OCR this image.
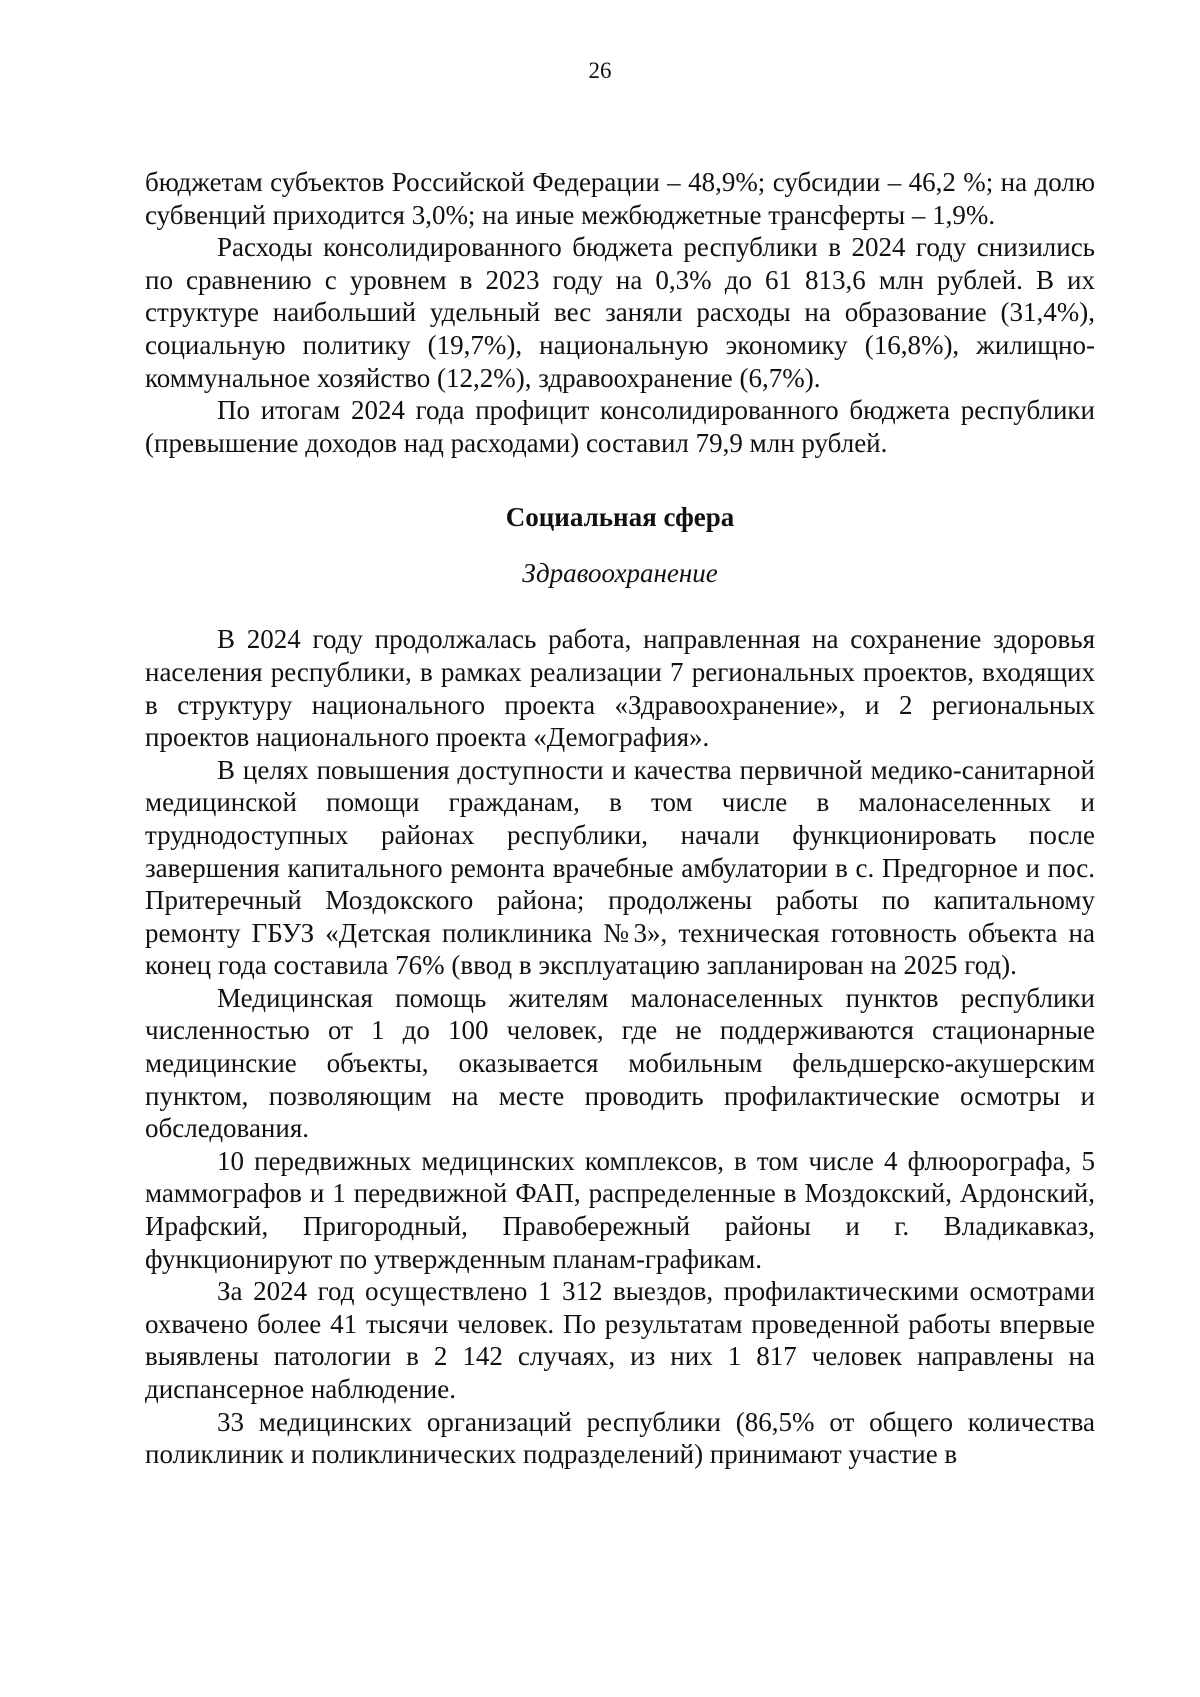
26

бюджетам субъектов Российской Федерации – 48,9%; субсидии – 46,2 %; на долю субвенций приходится 3,0%; на иные межбюджетные трансферты – 1,9%.

Расходы консолидированного бюджета республики в 2024 году снизились по сравнению с уровнем в 2023 году на 0,3% до 61 813,6 млн рублей. В их структуре наибольший удельный вес заняли расходы на образование (31,4%), социальную политику (19,7%), национальную экономику (16,8%), жилищно-коммунальное хозяйство (12,2%), здравоохранение (6,7%).

По итогам 2024 года профицит консолидированного бюджета республики (превышение доходов над расходами) составил 79,9 млн рублей.

Социальная сфера
Здравоохранение

В 2024 году продолжалась работа, направленная на сохранение здоровья населения республики, в рамках реализации 7 региональных проектов, входящих в структуру национального проекта «Здравоохранение», и 2 региональных проектов национального проекта «Демография».

В целях повышения доступности и качества первичной медико-санитарной медицинской помощи гражданам, в том числе в малонаселенных и труднодоступных районах республики, начали функционировать после завершения капитального ремонта врачебные амбулатории в с. Предгорное и пос. Притеречный Моздокского района; продолжены работы по капитальному ремонту ГБУЗ «Детская поликлиника №3», техническая готовность объекта на конец года составила 76% (ввод в эксплуатацию запланирован на 2025 год).

Медицинская помощь жителям малонаселенных пунктов республики численностью от 1 до 100 человек, где не поддерживаются стационарные медицинские объекты, оказывается мобильным фельдшерско-акушерским пунктом, позволяющим на месте проводить профилактические осмотры и обследования.

10 передвижных медицинских комплексов, в том числе 4 флюорографа, 5 маммографов и 1 передвижной ФАП, распределенные в Моздокский, Ардонский, Ирафский, Пригородный, Правобережный районы и г. Владикавказ, функционируют по утвержденным планам-графикам.

За 2024 год осуществлено 1 312 выездов, профилактическими осмотрами охвачено более 41 тысячи человек. По результатам проведенной работы впервые выявлены патологии в 2 142 случаях, из них 1 817 человек направлены на диспансерное наблюдение.

33 медицинских организаций республики (86,5% от общего количества поликлиник и поликлинических подразделений) принимают участие в
